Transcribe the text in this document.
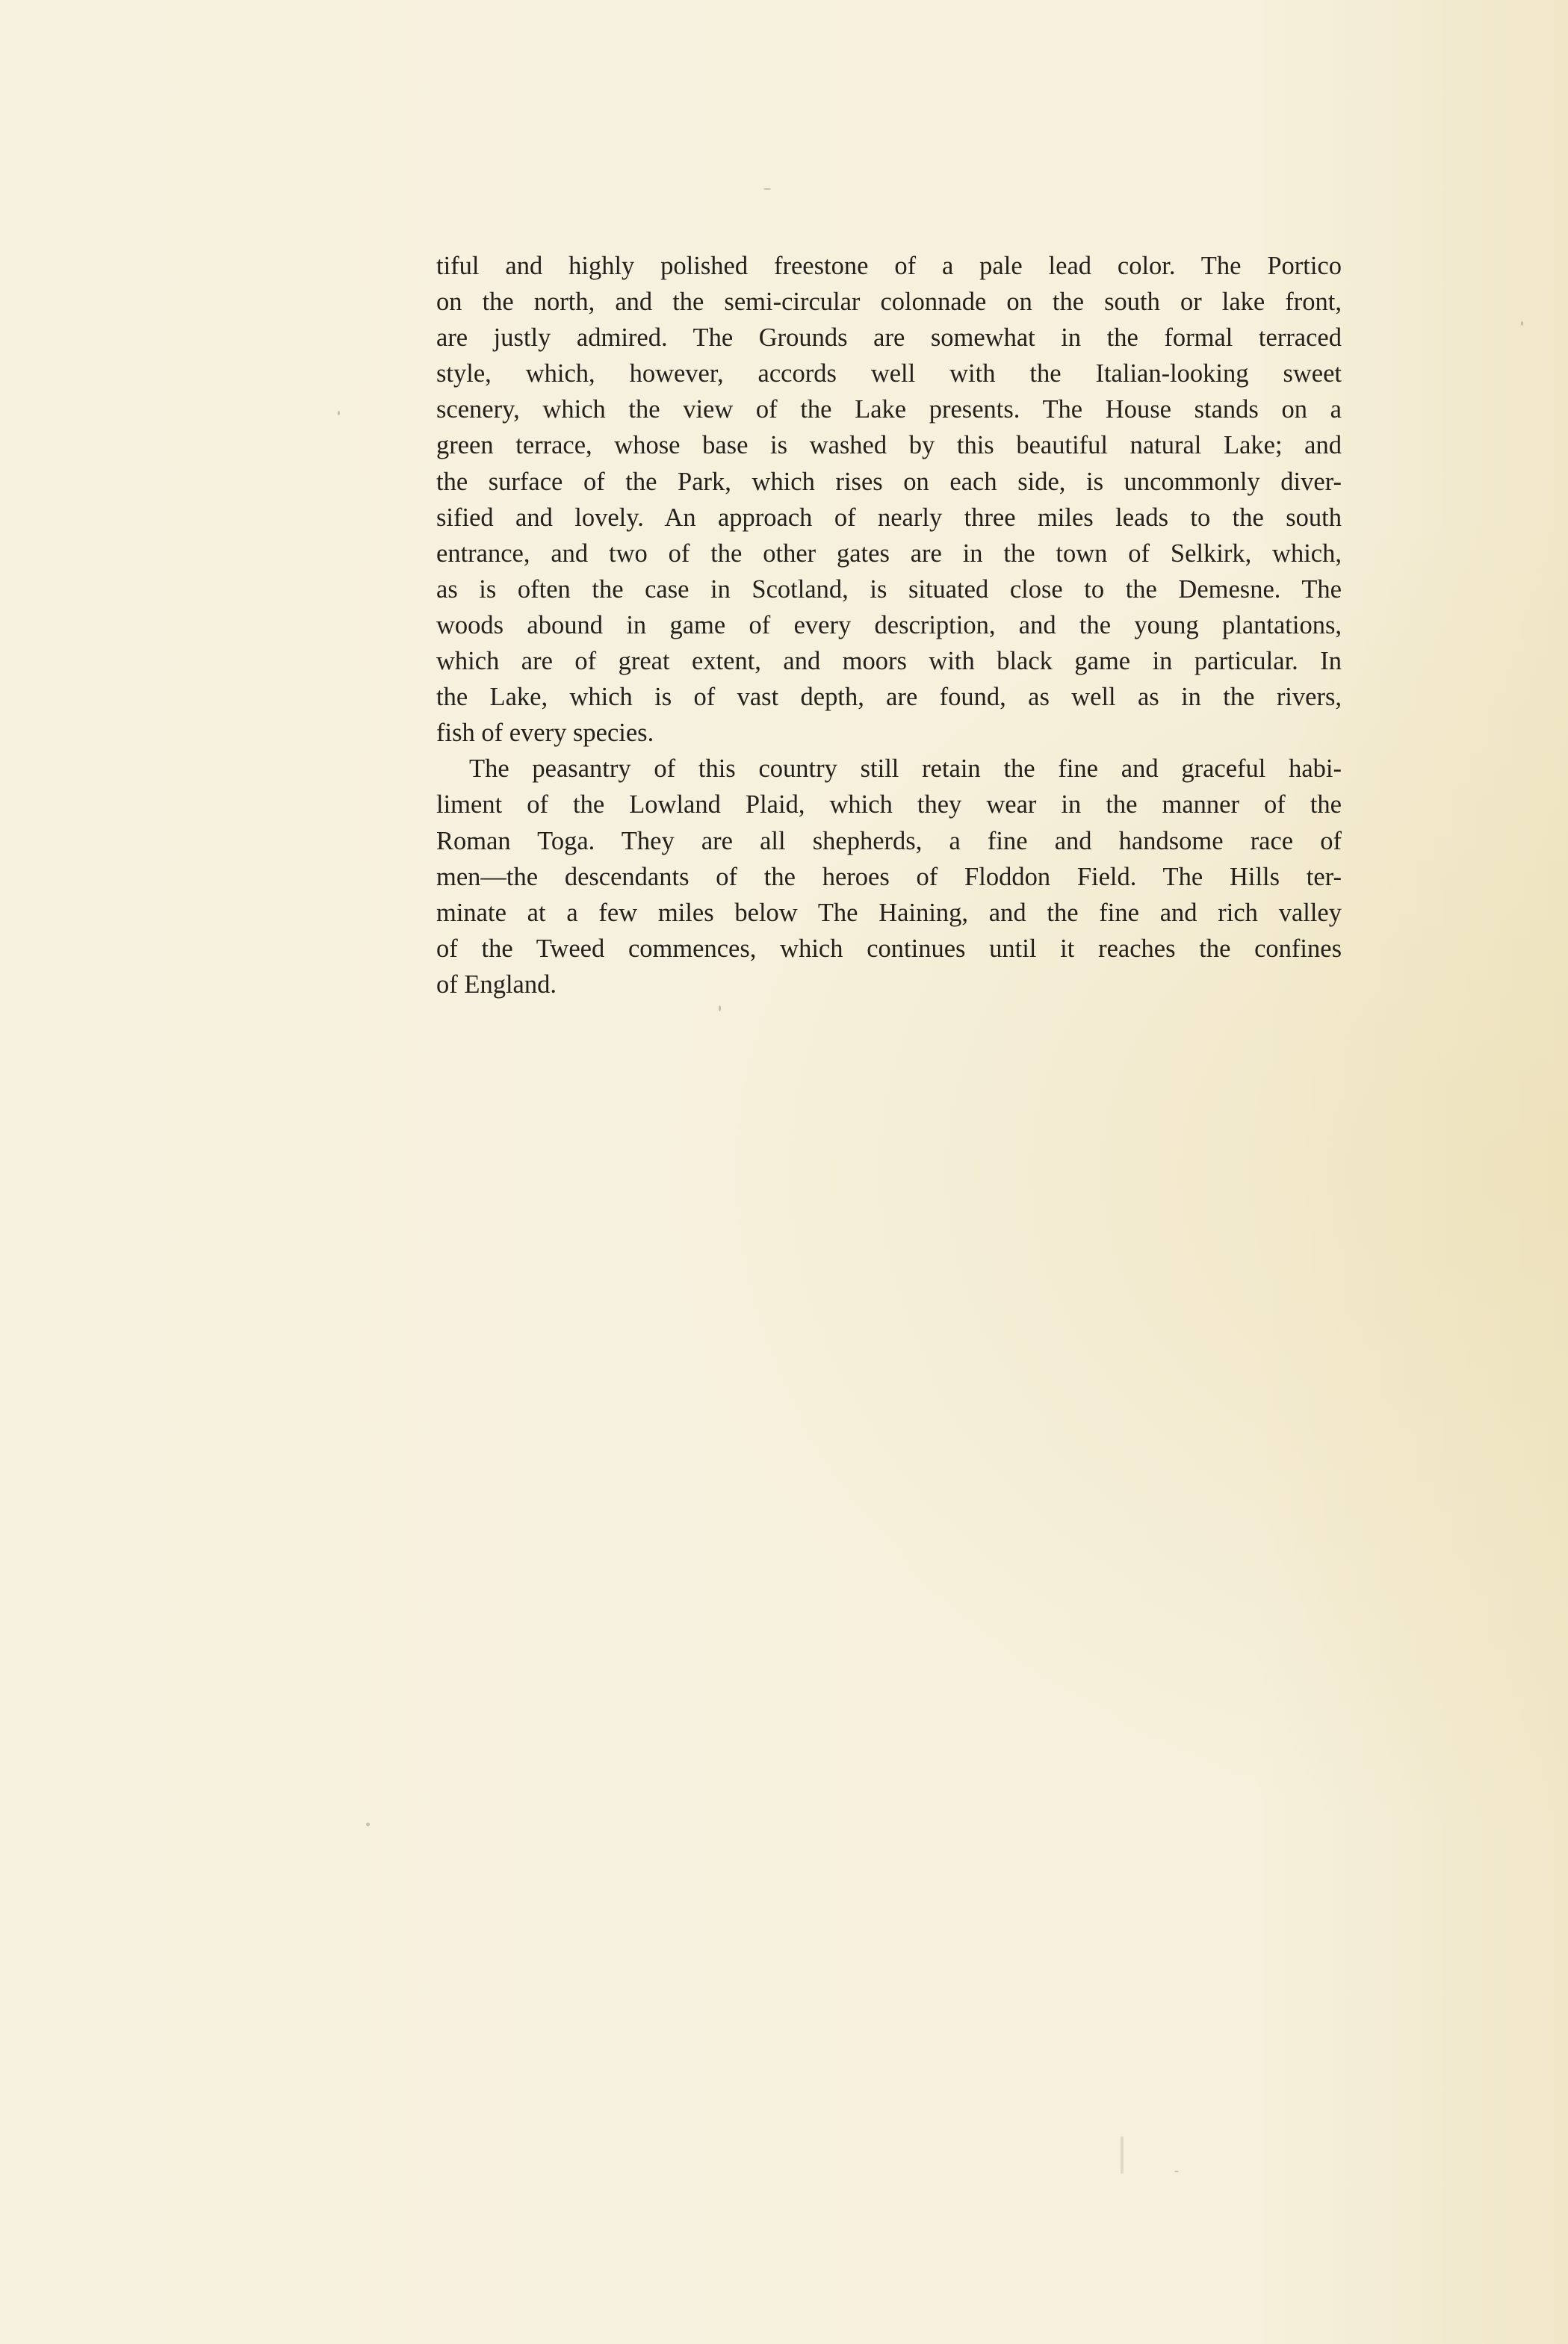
tiful and highly polished freestone of a pale lead color. The Portico
on the north, and the semi-circular colonnade on the south or lake front,
are justly admired. The Grounds are somewhat in the formal terraced
style, which, however, accords well with the Italian-looking sweet
scenery, which the view of the Lake presents. The House stands on a
green terrace, whose base is washed by this beautiful natural Lake; and
the surface of the Park, which rises on each side, is uncommonly diver-
sified and lovely. An approach of nearly three miles leads to the south
entrance, and two of the other gates are in the town of Selkirk, which,
as is often the case in Scotland, is situated close to the Demesne. The
woods abound in game of every description, and the young plantations,
which are of great extent, and moors with black game in particular. In
the Lake, which is of vast depth, are found, as well as in the rivers,
fish of every species.

The peasantry of this country still retain the fine and graceful habi-
liment of the Lowland Plaid, which they wear in the manner of the
Roman Toga. They are all shepherds, a fine and handsome race of
men—the descendants of the heroes of Floddon Field. The Hills ter-
minate at a few miles below The Haining, and the fine and rich valley
of the Tweed commences, which continues until it reaches the confines
of England.
